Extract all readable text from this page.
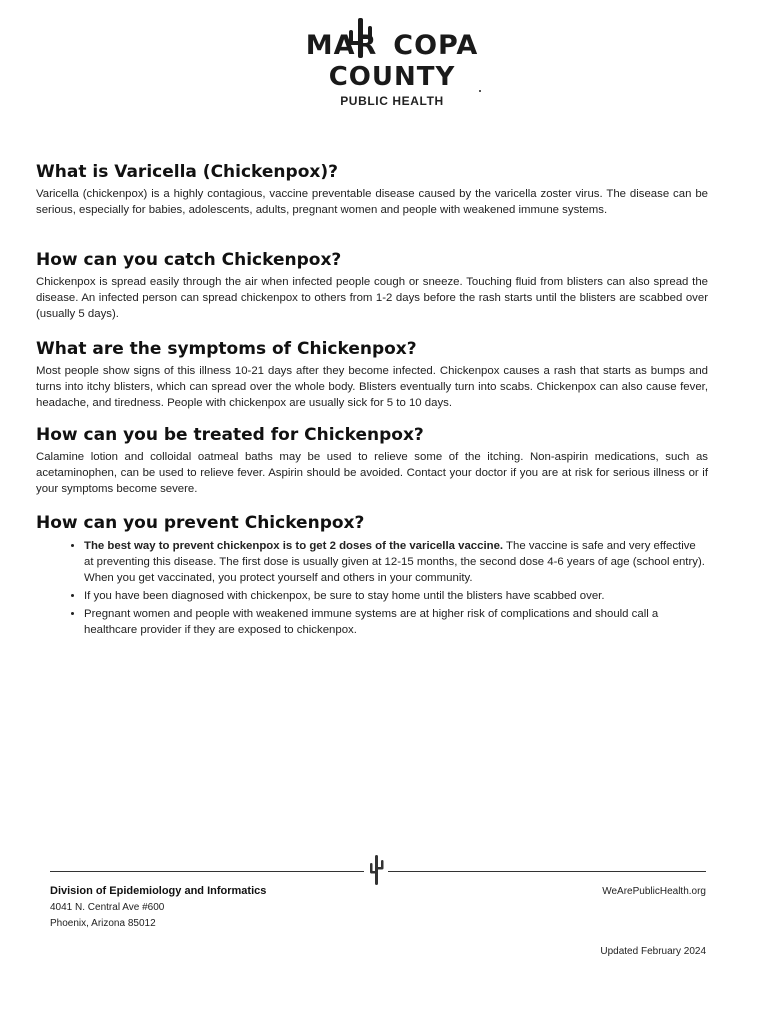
MAR COPA
COUNTY
PUBLIC HEALTH
What is Varicella (Chickenpox)?

Varicella (chickenpox) is a highly contagious, vaccine preventable disease caused by the varicella zoster virus. The disease can be serious, especially for babies, adolescents, adults, pregnant women and people with weakened immune systems.

How can you catch Chickenpox?

Chickenpox is spread easily through the air when infected people cough or sneeze. Touching fluid from blisters can also spread the disease. An infected person can spread chickenpox to others from 1-2 days before the rash starts until the blisters are scabbed over (usually 5 days).

What are the symptoms of Chickenpox?

Most people show signs of this illness 10-21 days after they become infected. Chickenpox causes a rash that starts as bumps and turns into itchy blisters, which can spread over the whole body. Blisters eventually turn into scabs. Chickenpox can also cause fever, headache, and tiredness. People with chickenpox are usually sick for 5 to 10 days.

How can you be treated for Chickenpox?

Calamine lotion and colloidal oatmeal baths may be used to relieve some of the itching. Non-aspirin medications, such as acetaminophen, can be used to relieve fever. Aspirin should be avoided. Contact your doctor if you are at risk for serious illness or if your symptoms become severe.

How can you prevent Chickenpox?
• The best way to prevent chickenpox is to get 2 doses of the varicella vaccine. The vaccine is safe and very effective at preventing this disease. The first dose is usually given at 12-15 months, the second dose 4-6 years of age (school entry). When you get vaccinated, you protect yourself and others in your community.
• If you have been diagnosed with chickenpox, be sure to stay home until the blisters have scabbed over.
• Pregnant women and people with weakened immune systems are at higher risk of complications and should call a healthcare provider if they are exposed to chickenpox.
Division of Epidemiology and Informatics
4041 N. Central Ave #600
Phoenix, Arizona 85012
WeArePublicHealth.org
Updated February 2024
